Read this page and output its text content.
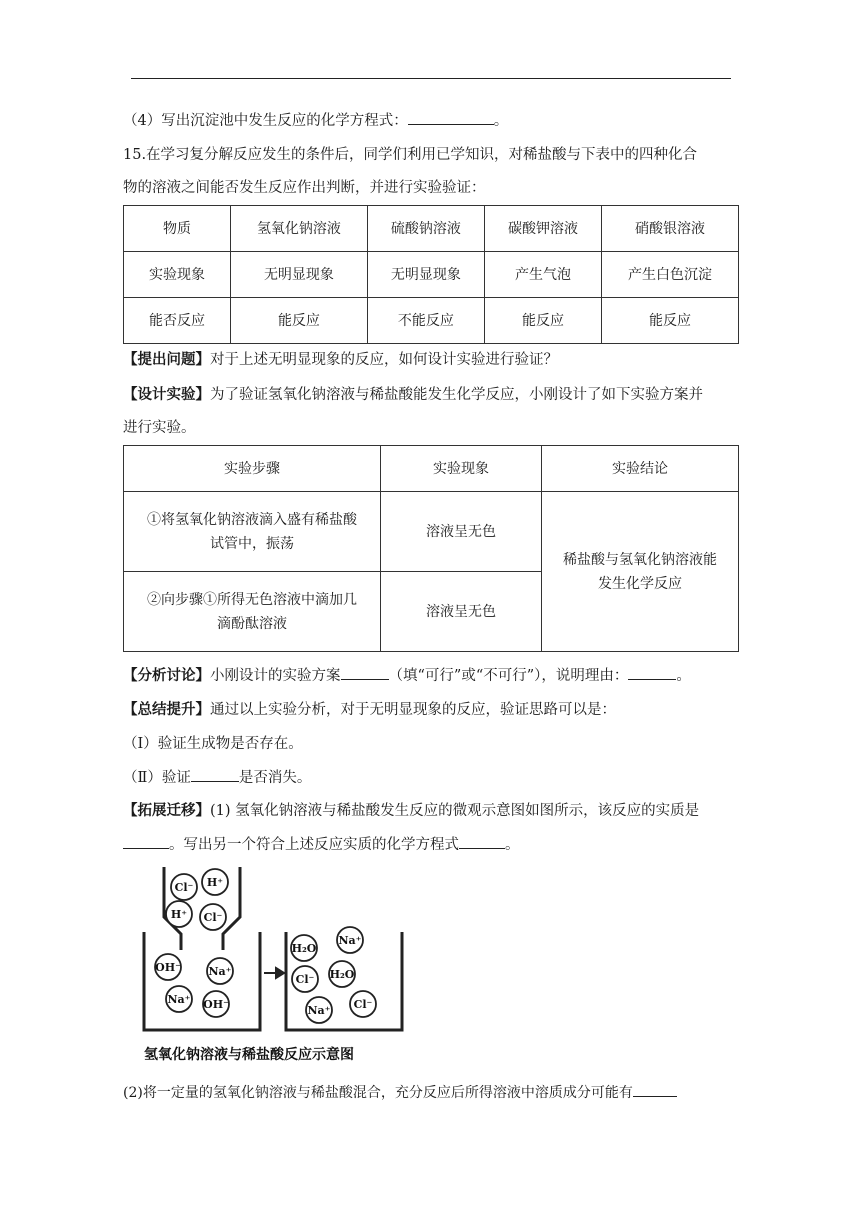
（4）写出沉淀池中发生反应的化学方程式：	。
15.在学习复分解反应发生的条件后，同学们利用已学知识，对稀盐酸与下表中的四种化合
物的溶液之间能否发生反应作出判断，并进行实验验证：
物质	氢氧化钠溶液	硫酸钠溶液	碳酸钾溶液	硝酸银溶液
实验现象	无明显现象	无明显现象	产生气泡	产生白色沉淀
能否反应	能反应	不能反应	能反应	能反应
【提出问题】对于上述无明显现象的反应，如何设计实验进行验证？
【设计实验】为了验证氢氧化钠溶液与稀盐酸能发生化学反应，小刚设计了如下实验方案并
进行实验。
实验步骤	实验现象	实验结论
①将氢氧化钠溶液滴入盛有稀盐酸
试管中，振荡	溶液呈无色	稀盐酸与氢氧化钠溶液能
发生化学反应
②向步骤①所得无色溶液中滴加几
滴酚酞溶液	溶液呈无色	
【分析讨论】小刚设计的实验方案	（填“可行”或“不可行”），说明理由：	。
【总结提升】通过以上实验分析，对于无明显现象的反应，验证思路可以是：
（Ⅰ）验证生成物是否存在。
（Ⅱ）验证	是否消失。
【拓展迁移】(1) 氢氧化钠溶液与稀盐酸发生反应的微观示意图如图所示，该反应的实质是
。写出另一个符合上述反应实质的化学方程式	。
Cl⁻ H⁺
H⁺ Cl⁻
OH⁻	Na⁺
Na⁺ OH⁻
H₂O
Na⁺
Cl⁻ H₂O
Na⁺ Cl⁻
氢氧化钠溶液与稀盐酸反应示意图
(2)将一定量的氢氧化钠溶液与稀盐酸混合，充分反应后所得溶液中溶质成分可能有
